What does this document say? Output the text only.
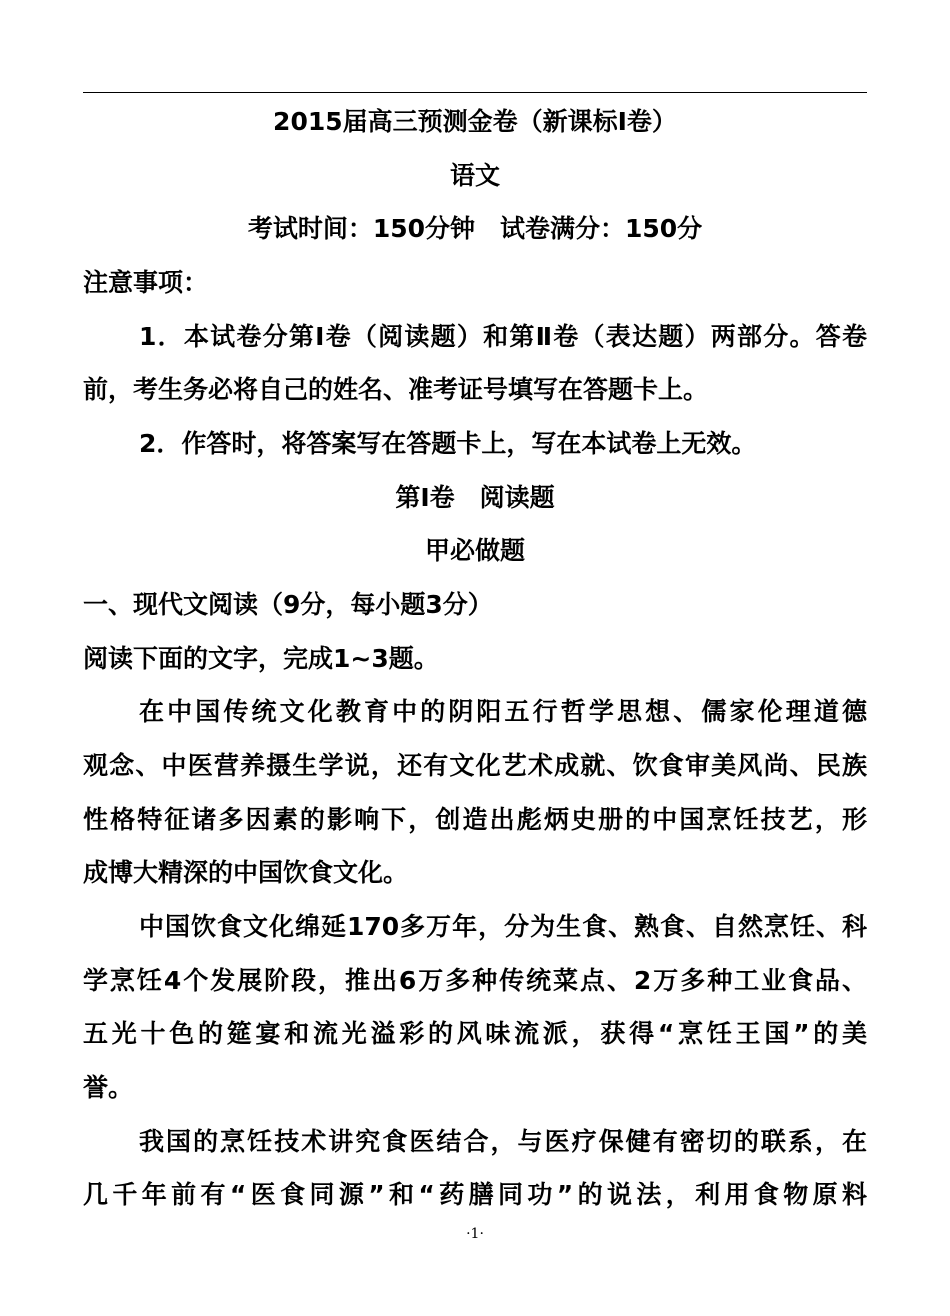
2015届高三预测金卷（新课标Ⅰ卷）
语文
考试时间：150分钟　试卷满分：150分
注意事项：
1．本试卷分第Ⅰ卷（阅读题）和第Ⅱ卷（表达题）两部分。答卷
前，考生务必将自己的姓名、准考证号填写在答题卡上。
2．作答时，将答案写在答题卡上，写在本试卷上无效。
第Ⅰ卷　阅读题
甲必做题
一、现代文阅读（9分，每小题3分）
阅读下面的文字，完成1~3题。
在中国传统文化教育中的阴阳五行哲学思想、儒家伦理道德
观念、中医营养摄生学说，还有文化艺术成就、饮食审美风尚、民族
性格特征诸多因素的影响下，创造出彪炳史册的中国烹饪技艺，形
成博大精深的中国饮食文化。
中国饮食文化绵延170多万年，分为生食、熟食、自然烹饪、科
学烹饪4个发展阶段，推出6万多种传统菜点、2万多种工业食品、
五光十色的筵宴和流光溢彩的风味流派，获得“烹饪王国”的美
誉。
我国的烹饪技术讲究食医结合，与医疗保健有密切的联系，在
几千年前有“医食同源”和“药膳同功”的说法，利用食物原料
·1·
